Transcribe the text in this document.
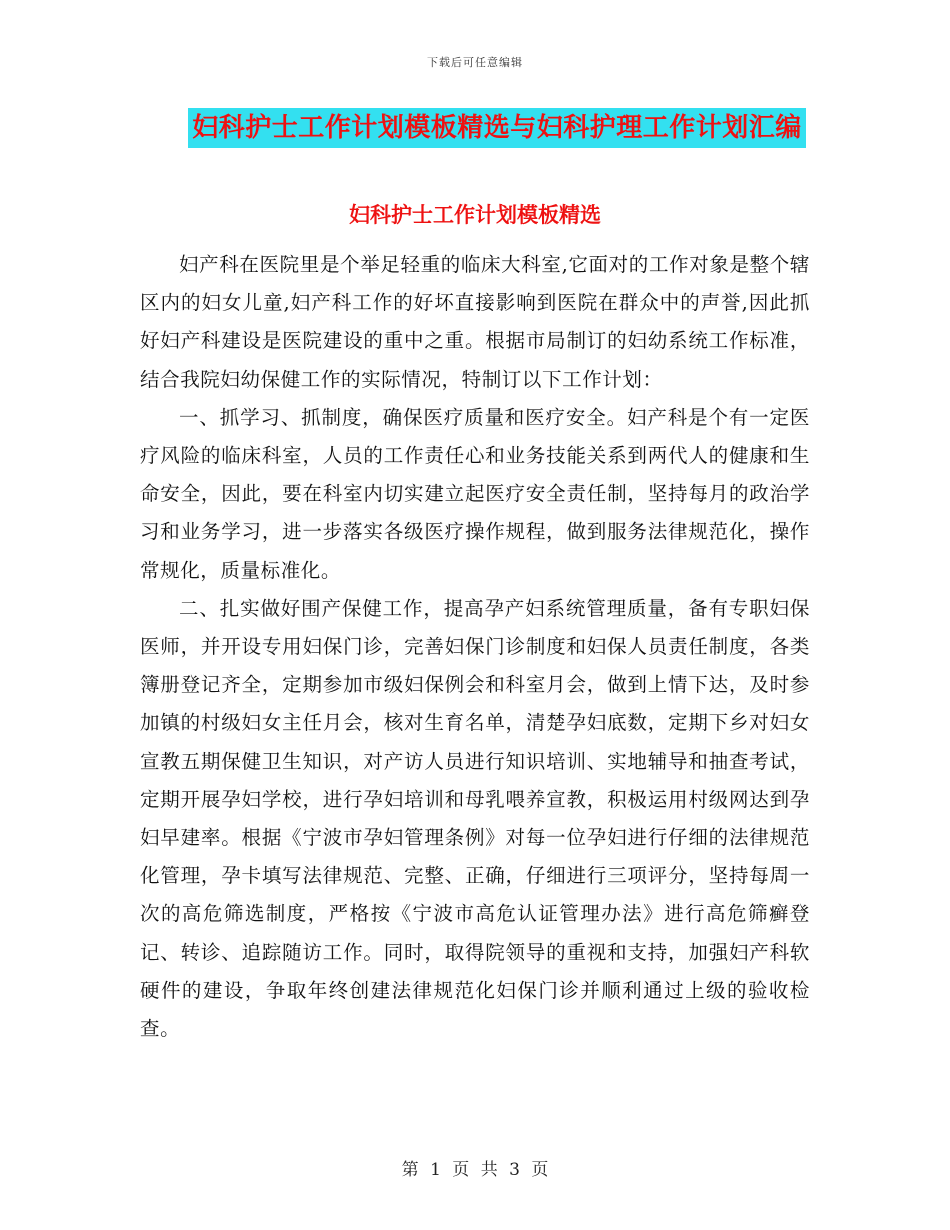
下载后可任意编辑
妇科护士工作计划模板精选与妇科护理工作计划汇编
妇科护士工作计划模板精选

妇产科在医院里是个举足轻重的临床大科室,它面对的工作对象是整个辖区内的妇女儿童,妇产科工作的好坏直接影响到医院在群众中的声誉,因此抓好妇产科建设是医院建设的重中之重。根据市局制订的妇幼系统工作标准，结合我院妇幼保健工作的实际情况，特制订以下工作计划：

一、抓学习、抓制度，确保医疗质量和医疗安全。妇产科是个有一定医疗风险的临床科室，人员的工作责任心和业务技能关系到两代人的健康和生命安全，因此，要在科室内切实建立起医疗安全责任制，坚持每月的政治学习和业务学习，进一步落实各级医疗操作规程，做到服务法律规范化，操作常规化，质量标准化。

二、扎实做好围产保健工作，提高孕产妇系统管理质量，备有专职妇保医师，并开设专用妇保门诊，完善妇保门诊制度和妇保人员责任制度，各类簿册登记齐全，定期参加市级妇保例会和科室月会，做到上情下达，及时参加镇的村级妇女主任月会，核对生育名单，清楚孕妇底数，定期下乡对妇女宣教五期保健卫生知识，对产访人员进行知识培训、实地辅导和抽查考试，定期开展孕妇学校，进行孕妇培训和母乳喂养宣教，积极运用村级网达到孕妇早建率。根据《宁波市孕妇管理条例》对每一位孕妇进行仔细的法律规范化管理，孕卡填写法律规范、完整、正确，仔细进行三项评分，坚持每周一次的高危筛选制度，严格按《宁波市高危认证管理办法》进行高危筛癣登记、转诊、追踪随访工作。同时，取得院领导的重视和支持，加强妇产科软硬件的建设，争取年终创建法律规范化妇保门诊并顺利通过上级的验收检查。

第 1 页 共 3 页
